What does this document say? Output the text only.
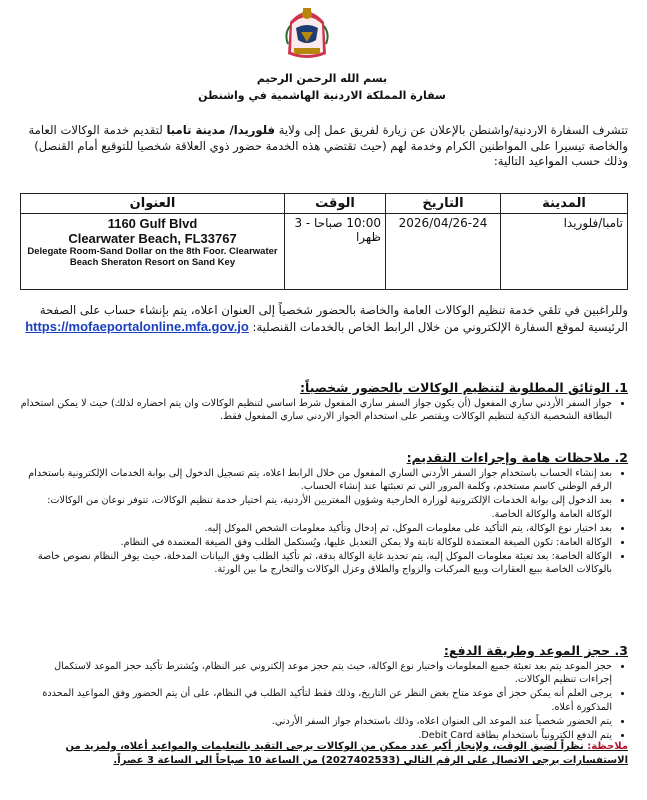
بسم الله الرحمن الرحيم
سفارة المملكة الاردنية الهاشمية في واشنطن
تتشرف السفارة الاردنية/واشنطن بالإعلان عن زيارة لفريق عمل إلى ولاية فلوريدا/ مدينة تامبا لتقديم خدمة الوكالات العامة والخاصة تيسيرا على المواطنين الكرام وخدمة لهم (حيث تقتضي هذه الخدمة حضور ذوي العلاقة شخصيا للتوقيع أمام القنصل) وذلك حسب المواعيد التالية:
المدينة	التاريخ	الوقت	العنوان
تامبا/فلوريدا	2026/04/26-24	10:00 صباحا - 3 ظهرا	1160 Gulf Blvd
Clearwater Beach, FL33767
Delegate Room-Sand Dollar on the 8th Foor. Clearwater Beach Sheraton Resort on Sand Key
وللراغبين في تلقي خدمة تنظيم الوكالات العامة والخاصة بالحضور شخصياً إلى العنوان اعلاه، يتم بإنشاء حساب على الصفحة الرئيسية لموقع السفارة الإلكتروني من خلال الرابط الخاص بالخدمات القنصلية: https://mofaeportalonline.mfa.gov.jo
1. الوثائق المطلوبة لتنظيم الوكالات بالحضور شخصياً:
• جواز السفر الأردني ساري المفعول (أن يكون جواز السفر ساري المفعول شرط اساسي لتنظيم الوكالات وان يتم احضاره لذلك) حيث لا يمكن استخدام البطاقة الشخصية الذكية لتنظيم الوكالات ويقتصر على استخدام الجواز الاردني ساري المفعول فقط.
2. ملاحظات هامة وإجراءات التقديم:
• بعد إنشاء الحساب باستخدام جواز السفر الأردني الساري المفعول من خلال الرابط اعلاه، يتم تسجيل الدخول إلى بوابة الخدمات الإلكترونية باستخدام الرقم الوطني كاسم مستخدم، وكلمة المرور التي تم تعبئتها عند إنشاء الحساب.
• بعد الدخول إلى بوابة الخدمات الإلكترونية لوزارة الخارجية وشؤون المغتربين الأردنية، يتم اختيار خدمة تنظيم الوكالات، تتوفر نوعان من الوكالات: الوكالة العامة والوكالة الخاصة.
• بعد اختيار نوع الوكالة، يتم التأكيد على معلومات الموكل، ثم إدخال وتأكيد معلومات الشخص الموكل إليه.
• الوكالة العامة: تكون الصيغة المعتمدة للوكالة ثابتة ولا يمكن التعديل عليها، ويُستكمل الطلب وفق الصيغة المعتمدة في النظام.
• الوكالة الخاصة: بعد تعبئة معلومات الموكل إليه، يتم تحديد غاية الوكالة بدقة، ثم تأكيد الطلب وفق البيانات المدخلة، حيث يوفر النظام نصوص خاصة بالوكالات الخاصة ببيع العقارات وبيع المركبات والزواج والطلاق وعزل الوكالات والتخارج ما بين الورثة.
3. حجز الموعد وطريقة الدفع:
• حجز الموعد يتم بعد تعبئة جميع المعلومات واختيار نوع الوكالة، حيث يتم حجز موعد إلكتروني عبر النظام، ويُشترط تأكيد حجز الموعد لاستكمال إجراءات تنظيم الوكالات.
• يرجى العلم أنه يمكن حجز أي موعد متاح بغض النظر عن التاريخ، وذلك فقط لتأكيد الطلب في النظام، على أن يتم الحضور وفق المواعيد المحددة المذكورة أعلاه.
• يتم الحضور شخصياً عند الموعد الى العنوان اعلاه، وذلك باستخدام جواز السفر الأردني.
• يتم الدفع الكترونياً باستخدام بطاقة Debit Card.
ملاحظة: نظراً لضيق الوقت، ولإنجاز أكبر عدد ممكن من الوكالات يرجى التقيد بالتعليمات والمواعيد أعلاه، ولمزيد من الاستفسارات يرجى الاتصال على الرقم التالي (2027402533) من الساعة 10 صباحاً الى الساعة 3 عصراً.
